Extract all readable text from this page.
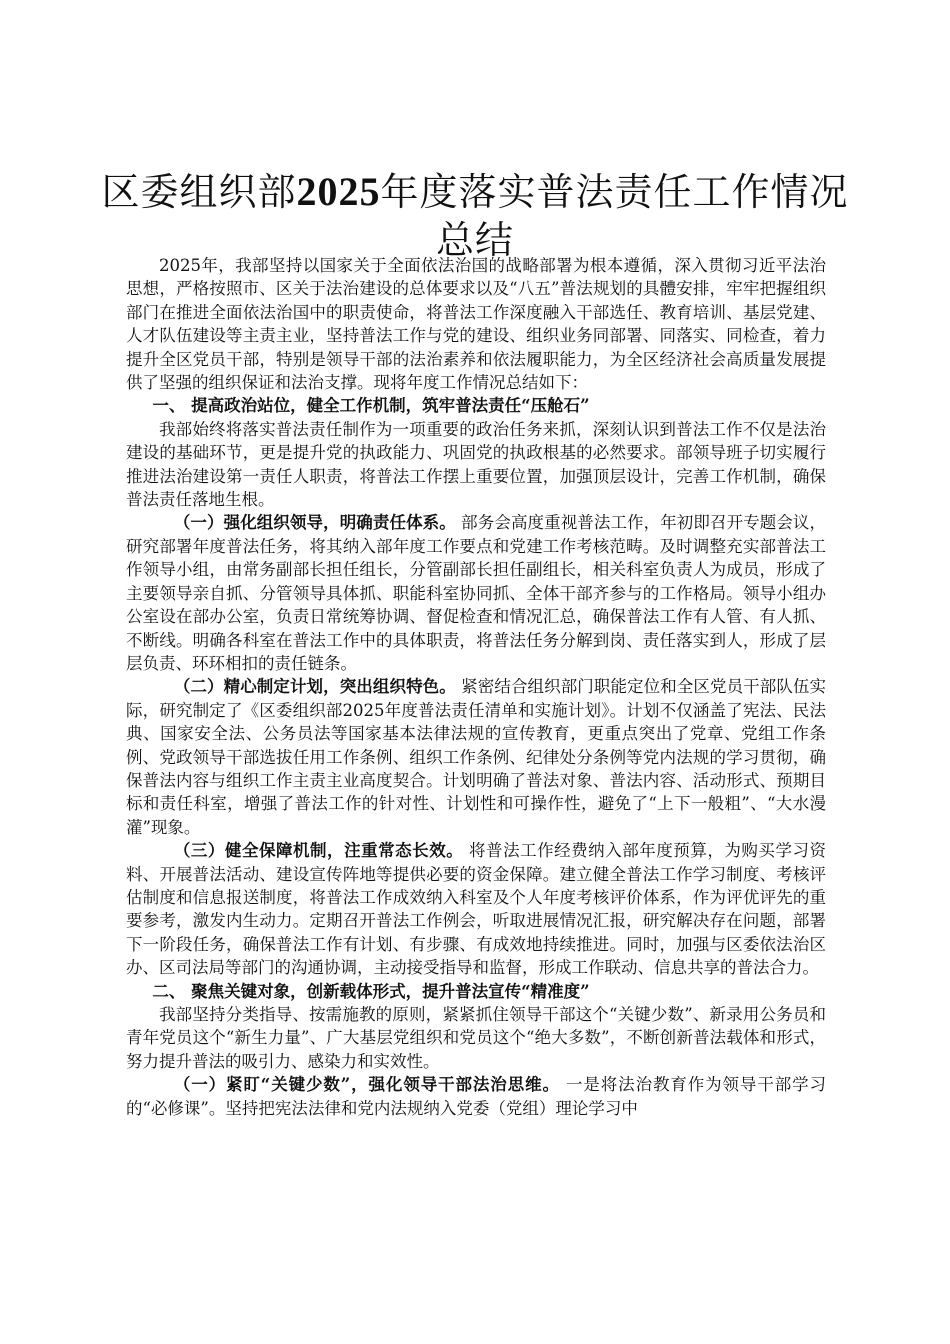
区委组织部2025年度落实普法责任工作情况
总结

2025年，我部坚持以国家关于全面依法治国的战略部署为根本遵循，深入贯彻习近平法治思想，严格按照市、区关于法治建设的总体要求以及“八五”普法规划的具體安排，牢牢把握组织部门在推进全面依法治国中的职责使命，将普法工作深度融入干部选任、教育培训、基层党建、人才队伍建设等主责主业，坚持普法工作与党的建设、组织业务同部署、同落实、同检查，着力提升全区党员干部，特别是领导干部的法治素养和依法履职能力，为全区经济社会高质量发展提供了坚强的组织保证和法治支撑。现将年度工作情况总结如下：

一、 提高政治站位，健全工作机制，筑牢普法责任“压舱石”

我部始终将落实普法责任制作为一项重要的政治任务来抓，深刻认识到普法工作不仅是法治建设的基础环节，更是提升党的执政能力、巩固党的执政根基的必然要求。部领导班子切实履行推进法治建设第一责任人职责，将普法工作摆上重要位置，加强顶层设计，完善工作机制，确保普法责任落地生根。

（一）强化组织领导，明确责任体系。 部务会高度重视普法工作，年初即召开专题会议，研究部署年度普法任务，将其纳入部年度工作要点和党建工作考核范畴。及时调整充实部普法工作领导小组，由常务副部长担任组长，分管副部长担任副组长，相关科室负责人为成员，形成了主要领导亲自抓、分管领导具体抓、职能科室协同抓、全体干部齐参与的工作格局。领导小组办公室设在部办公室，负责日常统筹协调、督促检查和情况汇总，确保普法工作有人管、有人抓、不断线。明确各科室在普法工作中的具体职责，将普法任务分解到岗、责任落实到人，形成了层层负责、环环相扣的责任链条。

（二）精心制定计划，突出组织特色。 紧密结合组织部门职能定位和全区党员干部队伍实际，研究制定了《区委组织部2025年度普法责任清单和实施计划》。计划不仅涵盖了宪法、民法典、国家安全法、公务员法等国家基本法律法规的宣传教育，更重点突出了党章、党组工作条例、党政领导干部选拔任用工作条例、组织工作条例、纪律处分条例等党内法规的学习贯彻，确保普法内容与组织工作主责主业高度契合。计划明确了普法对象、普法内容、活动形式、预期目标和责任科室，增强了普法工作的针对性、计划性和可操作性，避免了“上下一般粗”、“大水漫灌”现象。

（三）健全保障机制，注重常态长效。 将普法工作经费纳入部年度预算，为购买学习资料、开展普法活动、建设宣传阵地等提供必要的资金保障。建立健全普法工作学习制度、考核评估制度和信息报送制度，将普法工作成效纳入科室及个人年度考核评价体系，作为评优评先的重要参考，激发内生动力。定期召开普法工作例会，听取进展情况汇报，研究解决存在问题，部署下一阶段任务，确保普法工作有计划、有步骤、有成效地持续推进。同时，加强与区委依法治区办、区司法局等部门的沟通协调，主动接受指导和监督，形成工作联动、信息共享的普法合力。

二、 聚焦关键对象，创新载体形式，提升普法宣传“精准度”

我部坚持分类指导、按需施教的原则，紧紧抓住领导干部这个“关键少数”、新录用公务员和青年党员这个“新生力量”、广大基层党组织和党员这个“绝大多数”，不断创新普法载体和形式，努力提升普法的吸引力、感染力和实效性。

（一）紧盯“关键少数”，强化领导干部法治思维。 一是将法治教育作为领导干部学习的“必修课”。坚持把宪法法律和党内法规纳入党委（党组）理论学习中
